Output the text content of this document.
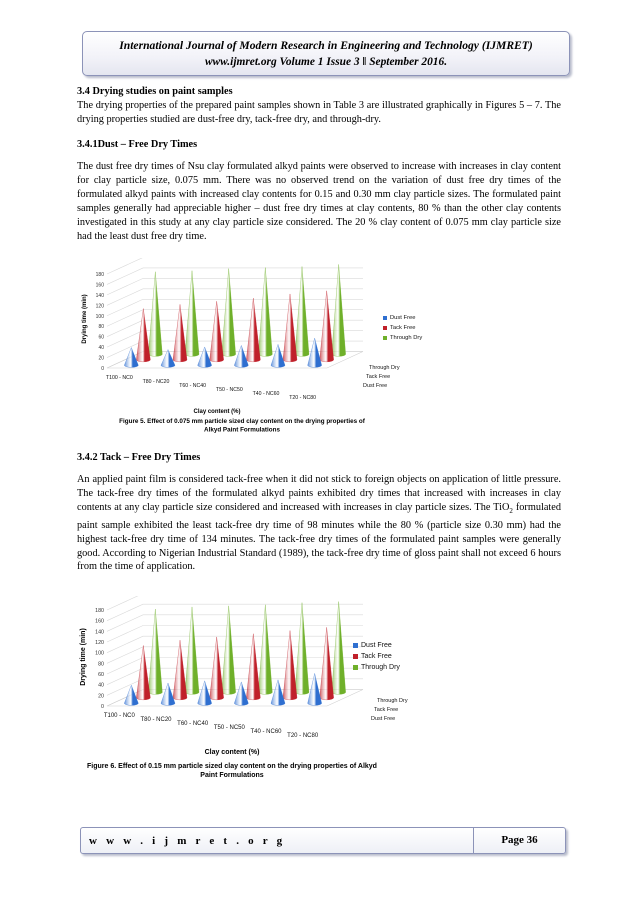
International Journal of Modern Research in Engineering and Technology (IJMRET)
www.ijmret.org Volume 1 Issue 3 ǁ September 2016.
3.4 Drying studies on paint samples
The drying properties of the prepared paint samples shown in Table 3 are illustrated graphically in Figures 5 – 7. The drying properties studied are dust-free dry, tack-free dry, and through-dry.
3.4.1Dust – Free Dry Times
The dust free dry times of Nsu clay formulated alkyd paints were observed to increase with increases in clay content for clay particle size, 0.075 mm. There was no observed trend on the variation of dust free dry times of the formulated alkyd paints with increased clay contents for 0.15 and 0.30 mm clay particle sizes. The formulated paint samples generally had appreciable higher – dust free dry times at clay contents, 80 % than the other clay contents investigated in this study at any clay particle size considered. The 20 % clay content of 0.075 mm clay particle size had the least dust free dry time.
0
20
40
60
80
100
120
140
160
180
Drying time (min)
T100 - NC0
T80 - NC20
T60 - NC40
T50 - NC50
T40 - NC60
T20 - NC80
Through Dry
Tack Free
Dust Free
Dust Free
Tack Free
Through Dry
Clay content (%)
Figure 5. Effect of 0.075 mm particle sized clay content on the drying properties of
Alkyd Paint Formulations
3.4.2 Tack – Free Dry Times
An applied paint film is considered tack-free when it did not stick to foreign objects on application of little pressure. The tack-free dry times of the formulated alkyd paints exhibited dry times that increased with increases in clay contents at any clay particle size considered and increased with increases in clay particle sizes. The TiO$_2$ formulated paint sample exhibited the least tack-free dry time of 98 minutes while the 80 % (particle size 0.30 mm) had the highest tack-free dry time of 134 minutes. The tack-free dry times of the formulated paint samples were generally good. According to Nigerian Industrial Standard (1989), the tack-free dry time of gloss paint shall not exceed 6 hours from the time of application.
0
20
40
60
80
100
120
140
160
180
Drying time (min)
T100 - NC0
T80 - NC20
T60 - NC40
T50 - NC50
T40 - NC60
T20 - NC80
Through Dry
Tack Free
Dust Free
Dust Free
Tack Free
Through Dry
Clay content (%)
Figure 6. Effect of 0.15 mm particle sized clay content on the drying properties of Alkyd
Paint Formulations
w w w . i j m r e t . o r g	Page 36
